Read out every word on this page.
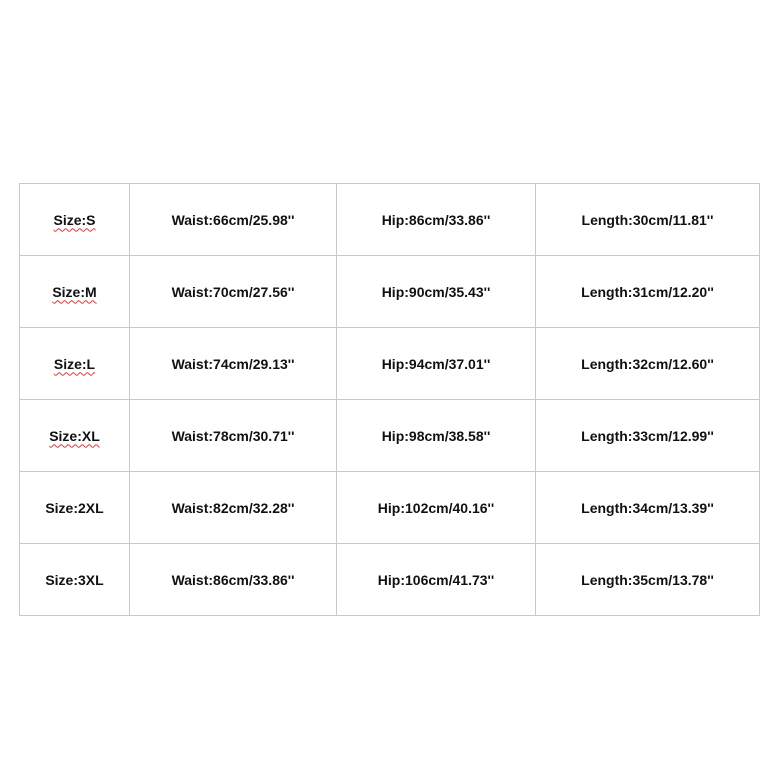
Size:S	Waist:66cm/25.98''	Hip:86cm/33.86''	Length:30cm/11.81''
Size:M	Waist:70cm/27.56''	Hip:90cm/35.43''	Length:31cm/12.20''
Size:L	Waist:74cm/29.13''	Hip:94cm/37.01''	Length:32cm/12.60''
Size:XL	Waist:78cm/30.71''	Hip:98cm/38.58''	Length:33cm/12.99''
Size:2XL	Waist:82cm/32.28''	Hip:102cm/40.16''	Length:34cm/13.39''
Size:3XL	Waist:86cm/33.86''	Hip:106cm/41.73''	Length:35cm/13.78''
